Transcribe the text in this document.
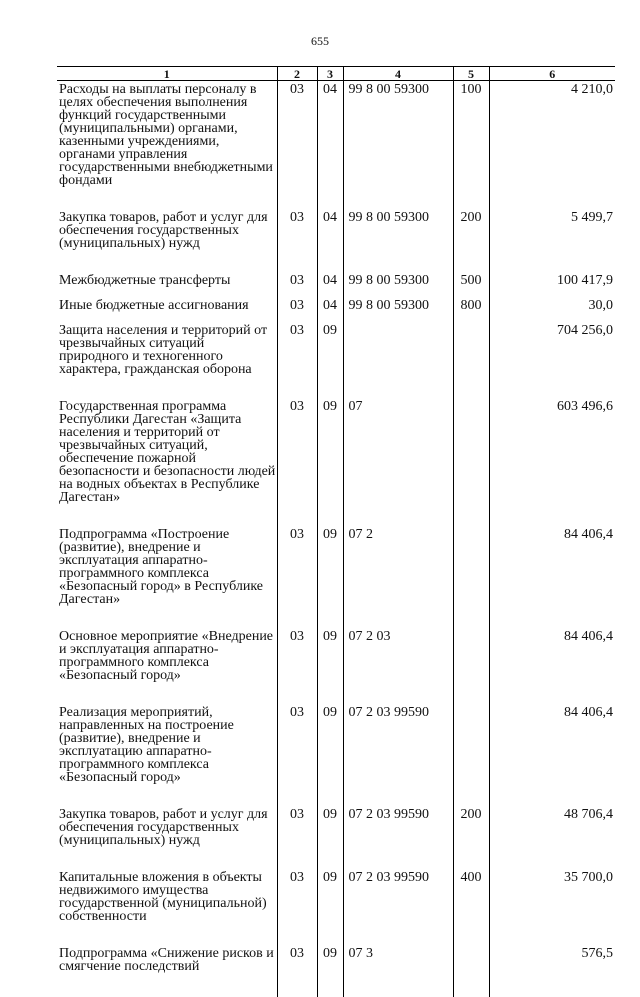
655
1	2	3	4	5	6
Расходы на выплаты персоналу в целях обеспечения выполнения функций государственными (муниципальными) органами, казенными учреждениями, органами управления государственными внебюджетными фондами	03	04	99 8 00 59300	100	4 210,0
Закупка товаров, работ и услуг для обеспечения государственных (муниципальных) нужд	03	04	99 8 00 59300	200	5 499,7
Межбюджетные трансферты	03	04	99 8 00 59300	500	100 417,9
Иные бюджетные ассигнования	03	04	99 8 00 59300	800	30,0
Защита населения и территорий от чрезвычайных ситуаций природного и техногенного характера, гражданская оборона	03	09			704 256,0
Государственная программа Республики Дагестан «Защита населения и территорий от чрезвычайных ситуаций, обеспечение пожарной безопасности и безопасности людей на водных объектах в Республике Дагестан»	03	09	07		603 496,6
Подпрограмма «Построение (развитие), внедрение и эксплуатация аппаратно-программного комплекса «Безопасный город» в Республике Дагестан»	03	09	07 2		84 406,4
Основное мероприятие «Внедрение и эксплуатация аппаратно-программного комплекса «Безопасный город»	03	09	07 2 03		84 406,4
Реализация мероприятий, направленных на построение (развитие), внедрение и эксплуатацию аппаратно-программного комплекса «Безопасный город»	03	09	07 2 03 99590		84 406,4
Закупка товаров, работ и услуг для обеспечения государственных (муниципальных) нужд	03	09	07 2 03 99590	200	48 706,4
Капитальные вложения в объекты недвижимого имущества государственной (муниципальной) собственности	03	09	07 2 03 99590	400	35 700,0
Подпрограмма «Снижение рисков и смягчение последствий	03	09	07 3		576,5
